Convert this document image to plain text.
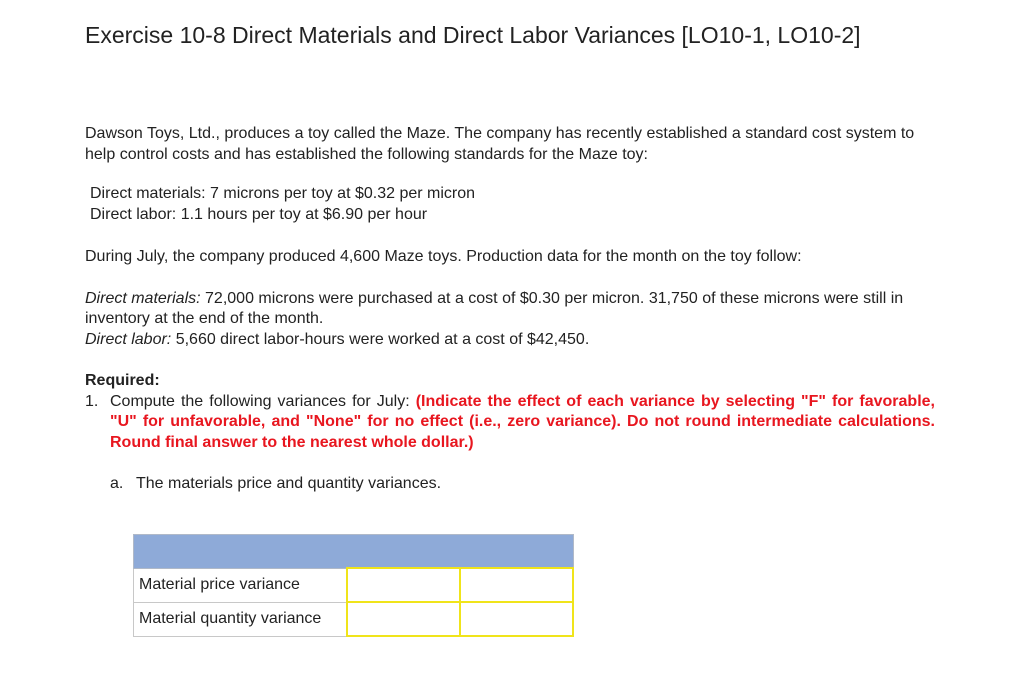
Exercise 10-8 Direct Materials and Direct Labor Variances [LO10-1, LO10-2]

Dawson Toys, Ltd., produces a toy called the Maze. The company has recently established a standard cost system to help control costs and has established the following standards for the Maze toy:

Direct materials: 7 microns per toy at $0.32 per micron
Direct labor: 1.1 hours per toy at $6.90 per hour

During July, the company produced 4,600 Maze toys. Production data for the month on the toy follow:

Direct materials: 72,000 microns were purchased at a cost of $0.30 per micron. 31,750 of these microns were still in inventory at the end of the month.
Direct labor: 5,660 direct labor-hours were worked at a cost of $42,450.
Required:
1. Compute the following variances for July: (Indicate the effect of each variance by selecting "F" for favorable, "U" for unfavorable, and "None" for no effect (i.e., zero variance). Do not round intermediate calculations. Round final answer to the nearest whole dollar.)
a. The materials price and quantity variances.

Material price variance		
Material quantity variance		
